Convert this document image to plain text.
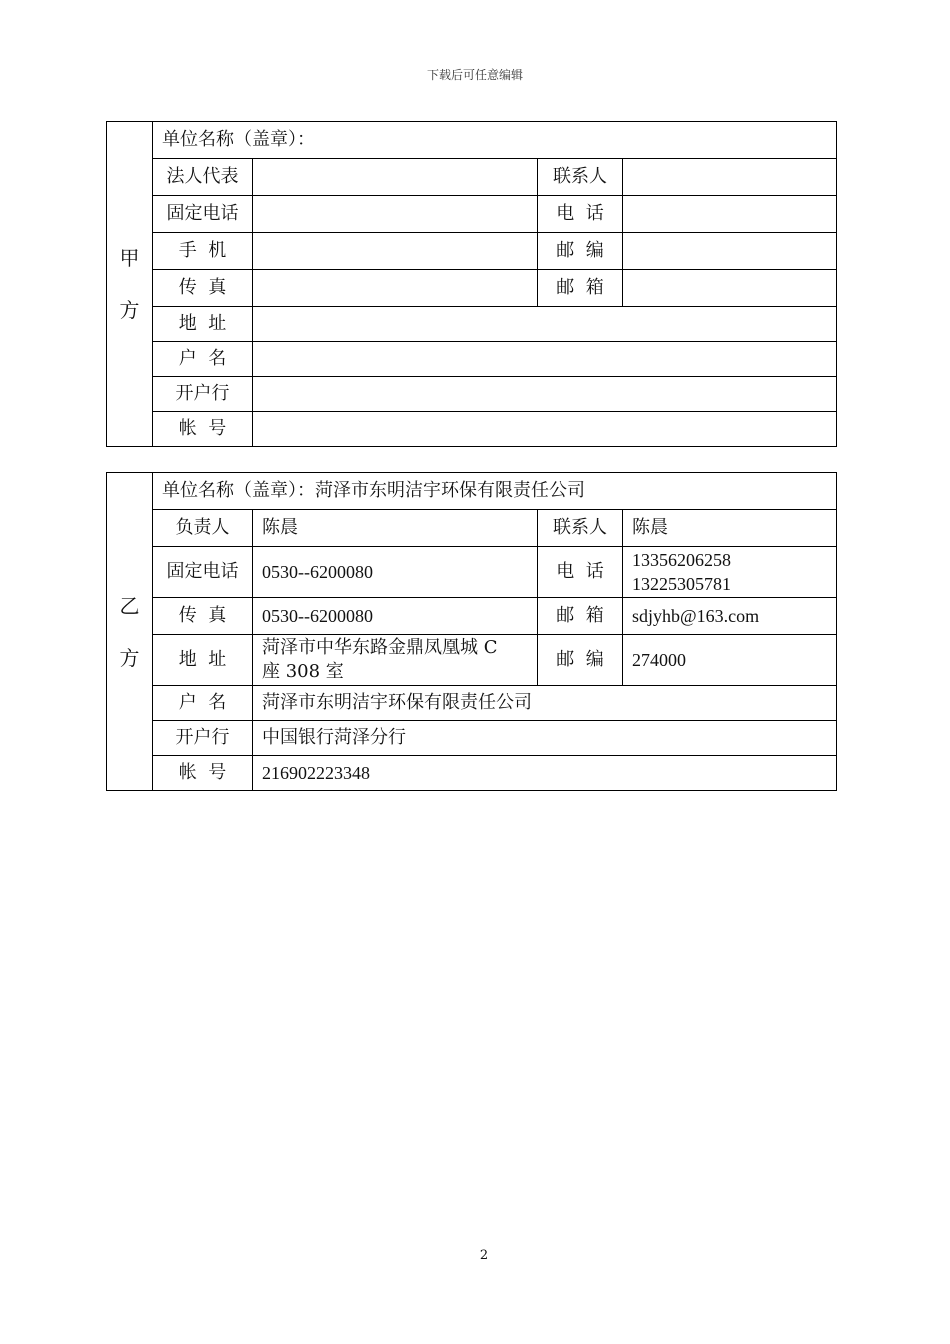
下载后可任意编辑
甲
方	单位名称（盖章）：			
	法人代表		联系人	
	固定电话		电  话	
	手  机		邮  编	
	传  真		邮  箱	
	地  址			
	户  名			
	开户行			
	帐  号			
乙
方	单位名称（盖章）：菏泽市东明洁宇环保有限责任公司			
	负责人	陈晨	联系人	陈晨
	固定电话	0530--6200080	电  话	13356206258
13225305781

	传  真	0530--6200080	邮  箱	sdjyhb@163.com
	地  址	菏泽市中华东路金鼎凤凰城 C
座 308 室	邮  编	274000
	户  名	菏泽市东明洁宇环保有限责任公司		
	开户行	中国银行菏泽分行		
	帐  号	216902223348		
2
